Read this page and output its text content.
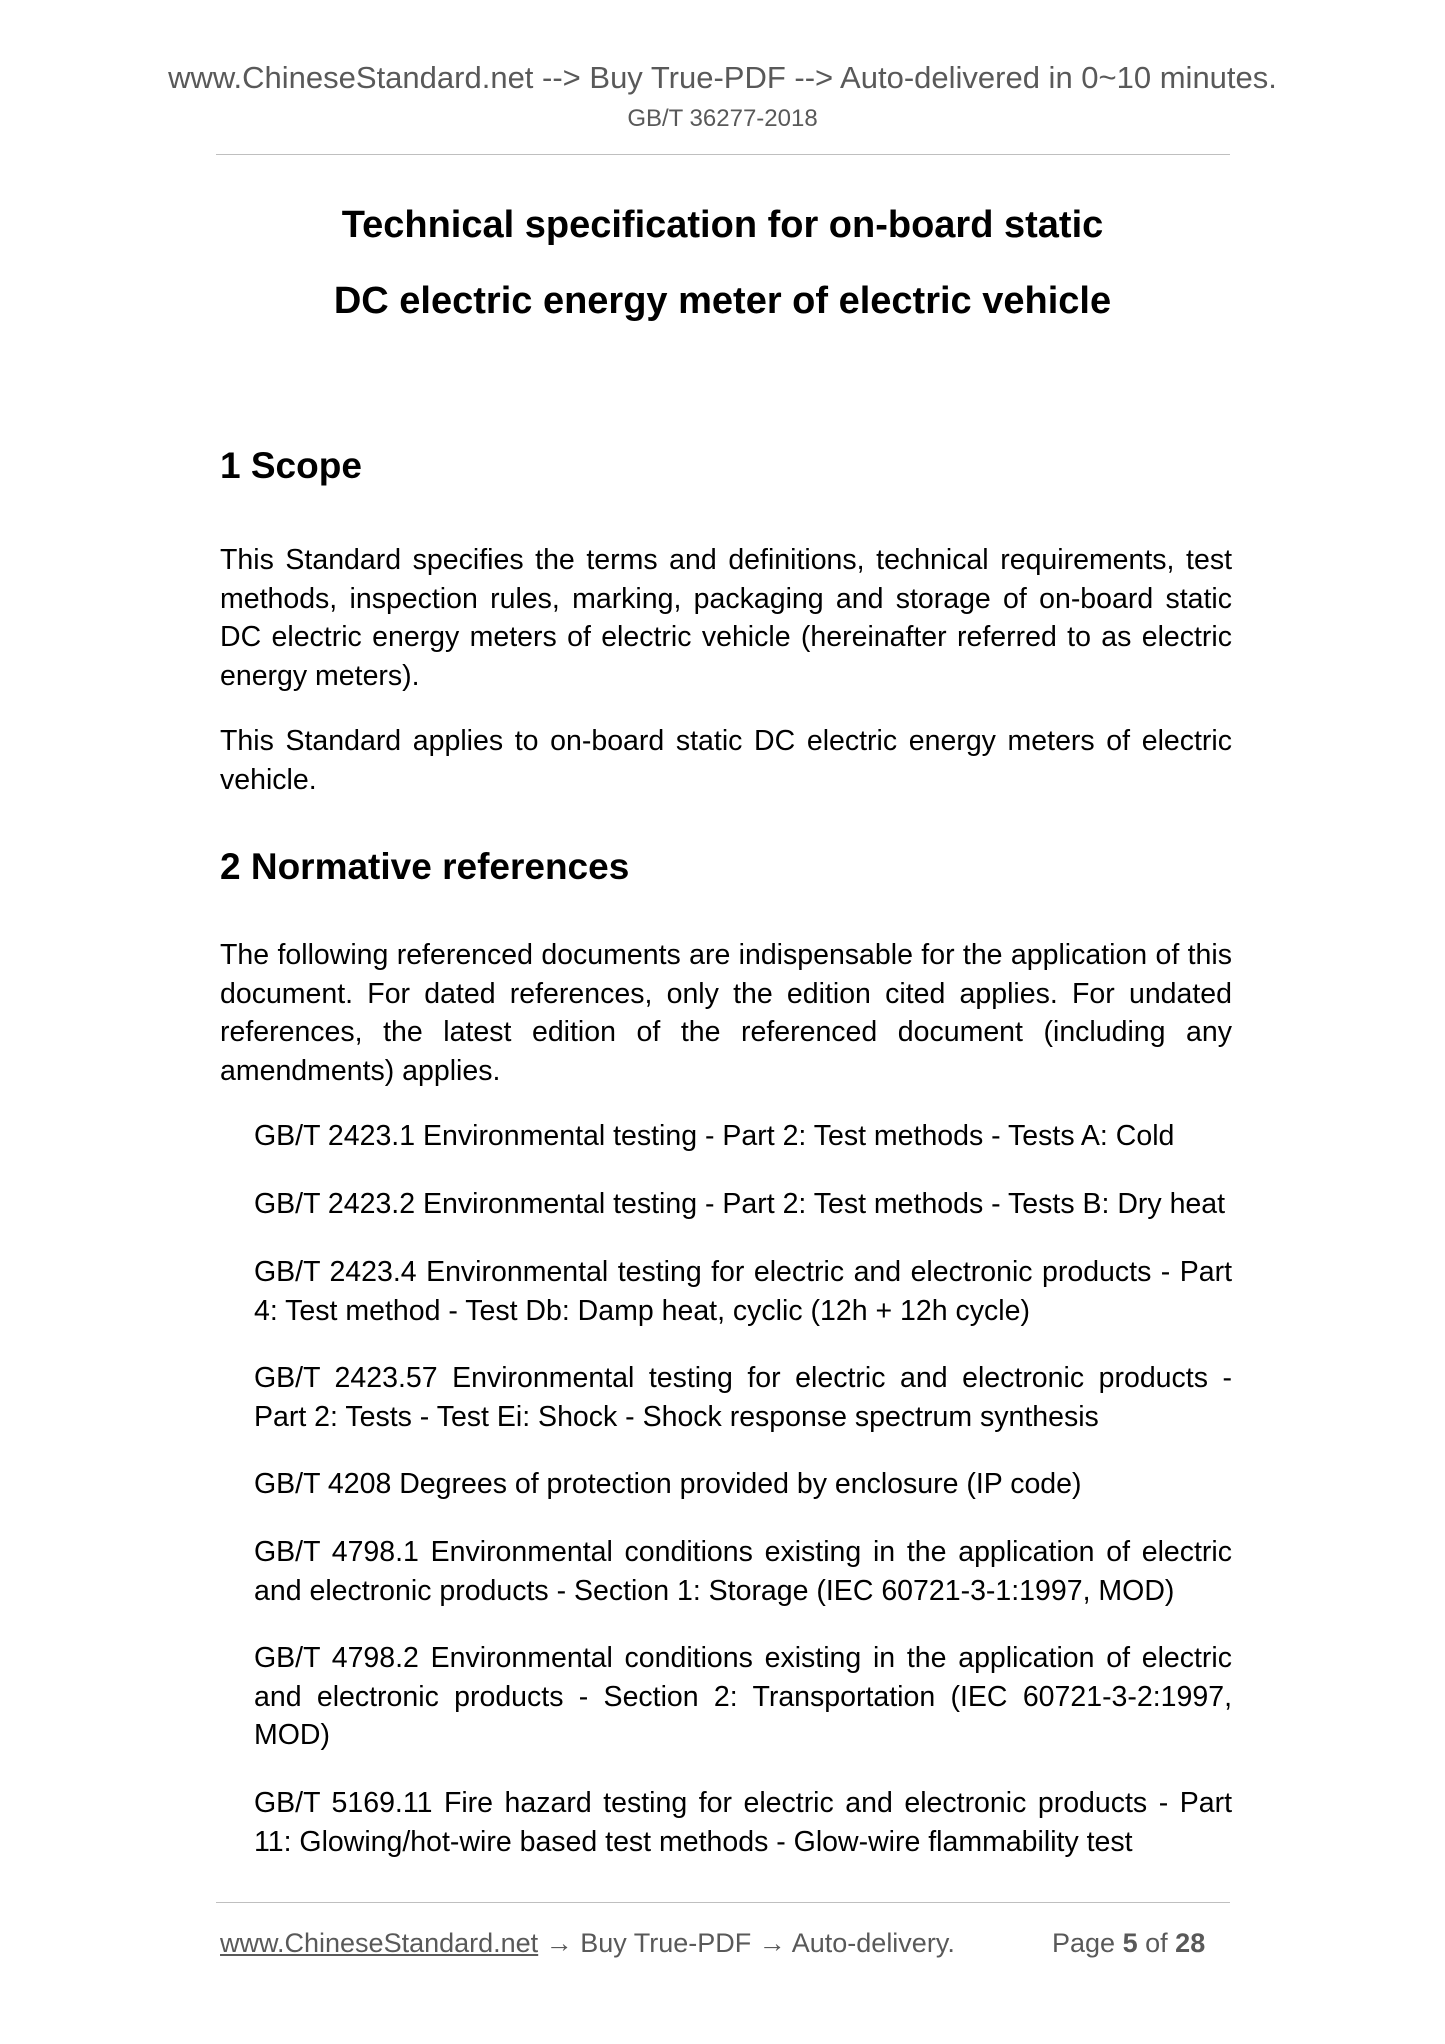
www.ChineseStandard.net --> Buy True-PDF --> Auto-delivered in 0~10 minutes.
GB/T 36277-2018
Technical specification for on-board static
DC electric energy meter of electric vehicle
1 Scope
This Standard specifies the terms and definitions, technical requirements, test methods, inspection rules, marking, packaging and storage of on-board static DC electric energy meters of electric vehicle (hereinafter referred to as electric energy meters).
This Standard applies to on-board static DC electric energy meters of electric vehicle.
2 Normative references
The following referenced documents are indispensable for the application of this document. For dated references, only the edition cited applies. For undated references, the latest edition of the referenced document (including any amendments) applies.
GB/T 2423.1 Environmental testing - Part 2: Test methods - Tests A: Cold
GB/T 2423.2 Environmental testing - Part 2: Test methods - Tests B: Dry heat
GB/T 2423.4 Environmental testing for electric and electronic products - Part 4: Test method - Test Db: Damp heat, cyclic (12h + 12h cycle)
GB/T 2423.57 Environmental testing for electric and electronic products - Part 2: Tests - Test Ei: Shock - Shock response spectrum synthesis
GB/T 4208 Degrees of protection provided by enclosure (IP code)
GB/T 4798.1 Environmental conditions existing in the application of electric and electronic products - Section 1: Storage (IEC 60721-3-1:1997, MOD)
GB/T 4798.2 Environmental conditions existing in the application of electric and electronic products - Section 2: Transportation (IEC 60721-3-2:1997, MOD)
GB/T 5169.11 Fire hazard testing for electric and electronic products - Part 11: Glowing/hot-wire based test methods - Glow-wire flammability test
www.ChineseStandard.net → Buy True-PDF → Auto-delivery.	Page 5 of 28
